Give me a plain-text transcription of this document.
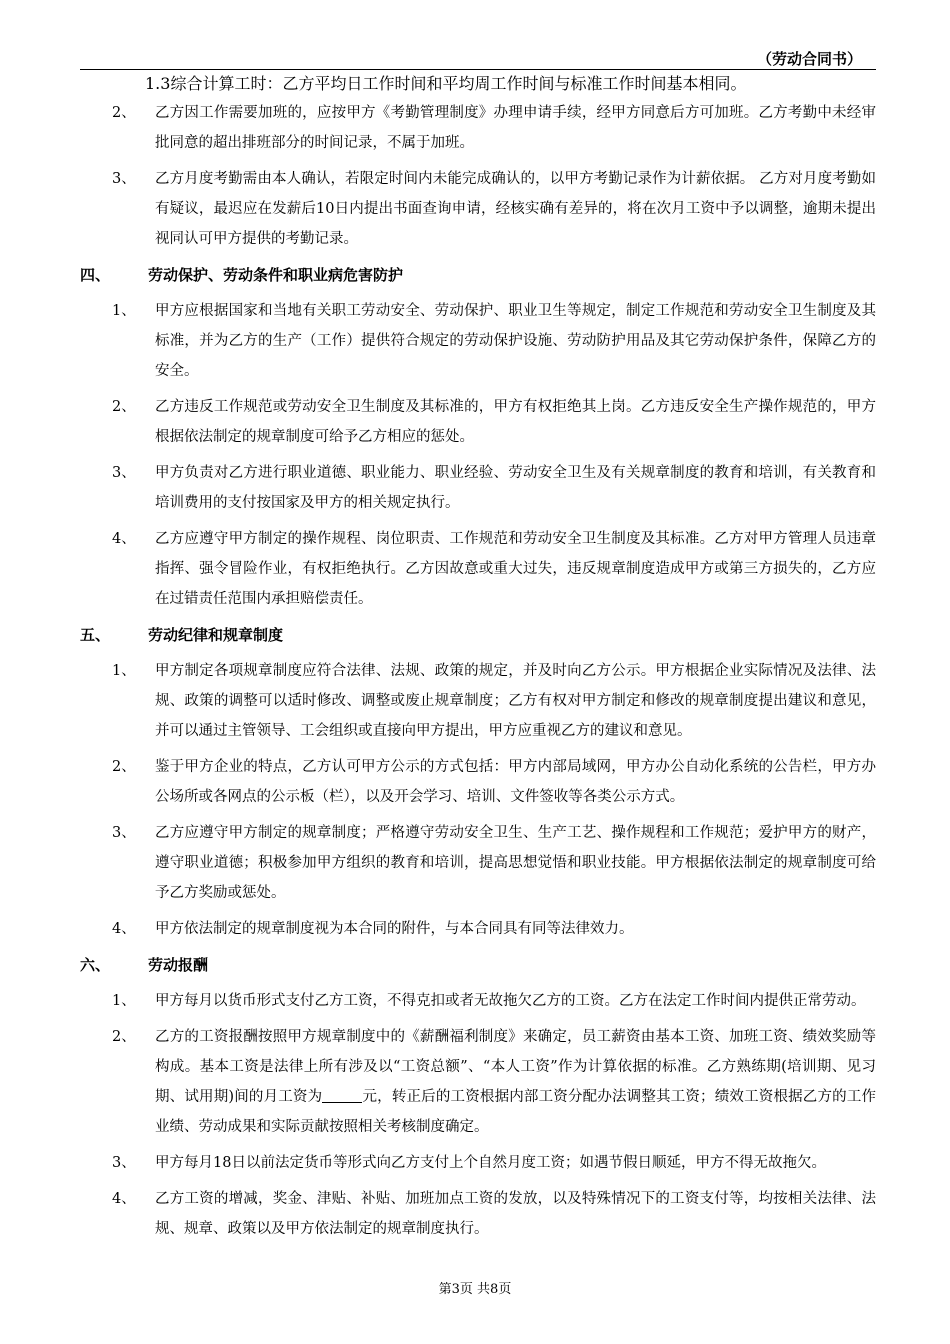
（劳动合同书）

1.3综合计算工时：乙方平均日工作时间和平均周工作时间与标准工作时间基本相同。

2、 乙方因工作需要加班的，应按甲方《考勤管理制度》办理申请手续，经甲方同意后方可加班。乙方考勤中未经审批同意的超出排班部分的时间记录，不属于加班。
3、 乙方月度考勤需由本人确认，若限定时间内未能完成确认的，以甲方考勤记录作为计薪依据。 乙方对月度考勤如有疑议，最迟应在发薪后10日内提出书面查询申请，经核实确有差异的，将在次月工资中予以调整，逾期未提出视同认可甲方提供的考勤记录。
四、	劳动保护、劳动条件和职业病危害防护
1、 甲方应根据国家和当地有关职工劳动安全、劳动保护、职业卫生等规定，制定工作规范和劳动安全卫生制度及其标准，并为乙方的生产（工作）提供符合规定的劳动保护设施、劳动防护用品及其它劳动保护条件，保障乙方的安全。
2、 乙方违反工作规范或劳动安全卫生制度及其标准的，甲方有权拒绝其上岗。乙方违反安全生产操作规范的，甲方根据依法制定的规章制度可给予乙方相应的惩处。
3、 甲方负责对乙方进行职业道德、职业能力、职业经验、劳动安全卫生及有关规章制度的教育和培训，有关教育和培训费用的支付按国家及甲方的相关规定执行。
4、 乙方应遵守甲方制定的操作规程、岗位职责、工作规范和劳动安全卫生制度及其标准。乙方对甲方管理人员违章指挥、强令冒险作业，有权拒绝执行。乙方因故意或重大过失，违反规章制度造成甲方或第三方损失的，乙方应在过错责任范围内承担赔偿责任。
五、	劳动纪律和规章制度
1、 甲方制定各项规章制度应符合法律、法规、政策的规定，并及时向乙方公示。甲方根据企业实际情况及法律、法规、政策的调整可以适时修改、调整或废止规章制度；乙方有权对甲方制定和修改的规章制度提出建议和意见，并可以通过主管领导、工会组织或直接向甲方提出，甲方应重视乙方的建议和意见。
2、 鉴于甲方企业的特点，乙方认可甲方公示的方式包括：甲方内部局域网，甲方办公自动化系统的公告栏，甲方办公场所或各网点的公示板（栏），以及开会学习、培训、文件签收等各类公示方式。
3、 乙方应遵守甲方制定的规章制度；严格遵守劳动安全卫生、生产工艺、操作规程和工作规范；爱护甲方的财产，遵守职业道德；积极参加甲方组织的教育和培训，提高思想觉悟和职业技能。甲方根据依法制定的规章制度可给予乙方奖励或惩处。
4、 甲方依法制定的规章制度视为本合同的附件，与本合同具有同等法律效力。
六、	劳动报酬
1、 甲方每月以货币形式支付乙方工资，不得克扣或者无故拖欠乙方的工资。乙方在法定工作时间内提供正常劳动。
2、 乙方的工资报酬按照甲方规章制度中的《薪酬福利制度》来确定，员工薪资由基本工资、加班工资、绩效奖励等构成。基本工资是法律上所有涉及以“工资总额”、“本人工资”作为计算依据的标准。乙方熟练期(培训期、见习期、试用期)间的月工资为	元，转正后的工资根据内部工资分配办法调整其工资；绩效工资根据乙方的工作业绩、劳动成果和实际贡献按照相关考核制度确定。
3、 甲方每月18日以前法定货币等形式向乙方支付上个自然月度工资；如遇节假日顺延，甲方不得无故拖欠。
4、 乙方工资的增减，奖金、津贴、补贴、加班加点工资的发放，以及特殊情况下的工资支付等，均按相关法律、法规、规章、政策以及甲方依法制定的规章制度执行。
第3页 共8页
